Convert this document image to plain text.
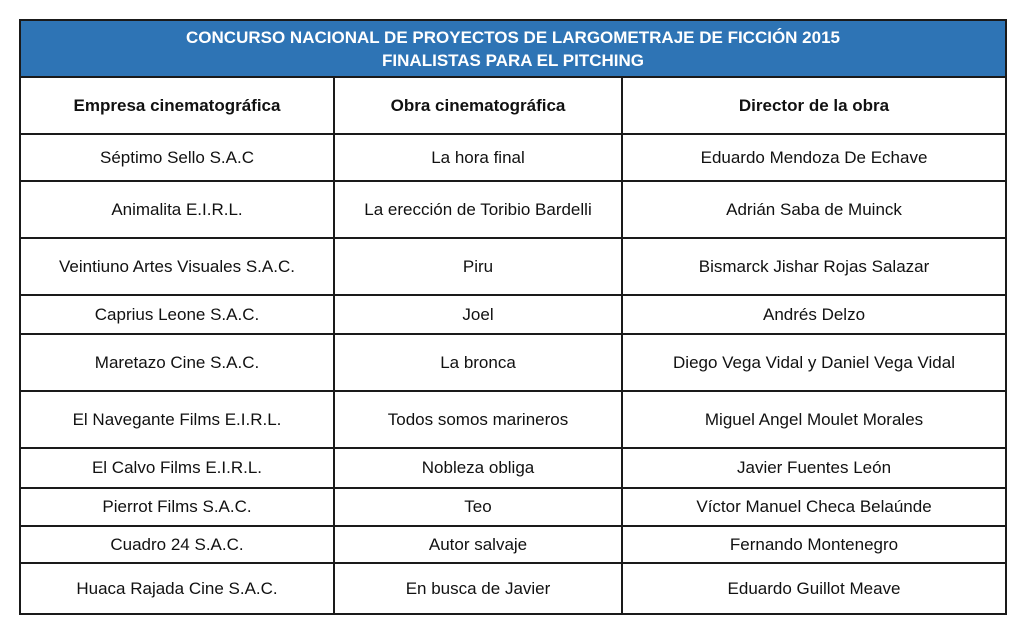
CONCURSO NACIONAL DE PROYECTOS DE LARGOMETRAJE DE FICCIÓN 2015
FINALISTAS PARA EL PITCHING		

Empresa cinematográfica	Obra cinematográfica	Director de la obra
Séptimo Sello S.A.C	La hora final	Eduardo Mendoza De Echave
Animalita E.I.R.L.	La erección de Toribio Bardelli	Adrián Saba de Muinck
Veintiuno Artes Visuales S.A.C.	Piru	Bismarck Jishar Rojas Salazar
Caprius Leone S.A.C.	Joel	Andrés Delzo
Maretazo Cine S.A.C.	La bronca	Diego Vega Vidal y Daniel Vega Vidal
El Navegante Films E.I.R.L.	Todos somos marineros	Miguel Angel Moulet Morales
El Calvo Films E.I.R.L.	Nobleza obliga	Javier Fuentes León
Pierrot Films S.A.C.	Teo	Víctor Manuel Checa Belaúnde
Cuadro 24 S.A.C.	Autor salvaje	Fernando Montenegro
Huaca Rajada Cine S.A.C.	En busca de Javier	Eduardo Guillot Meave
